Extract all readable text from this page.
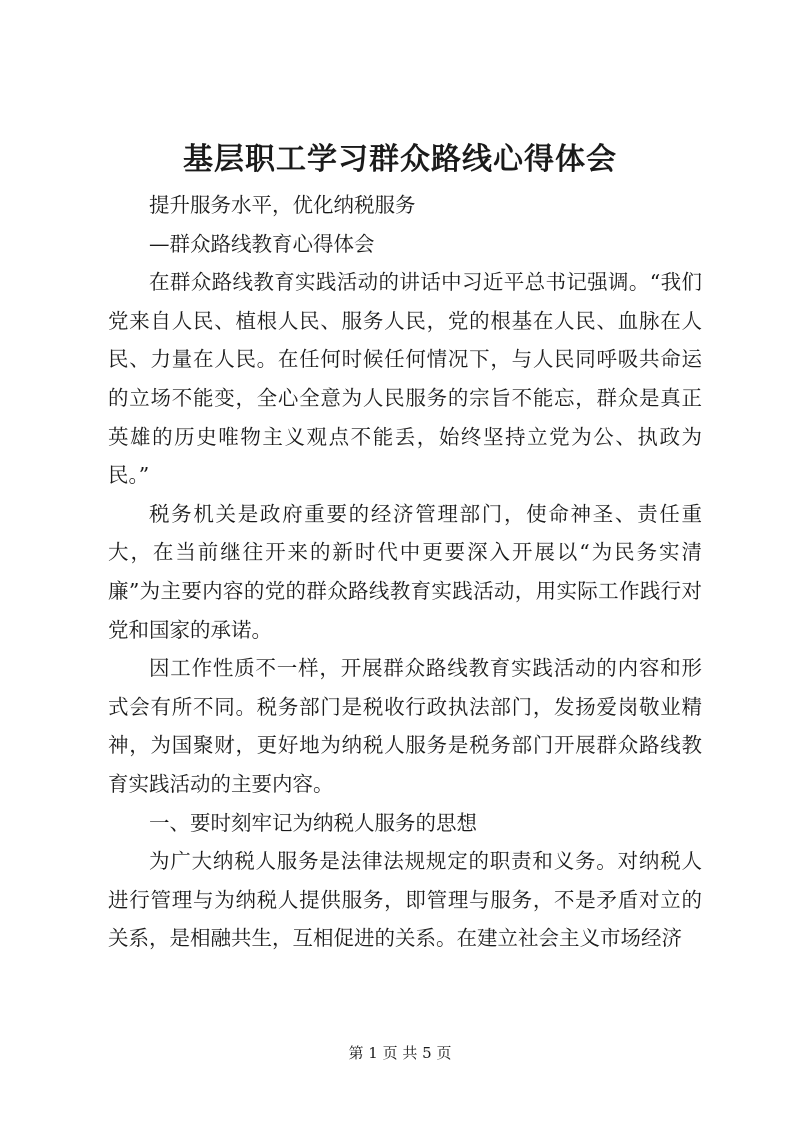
基层职工学习群众路线心得体会

提升服务水平，优化纳税服务

—群众路线教育心得体会

在群众路线教育实践活动的讲话中习近平总书记强调。“我们党来自人民、植根人民、服务人民，党的根基在人民、血脉在人民、力量在人民。在任何时候任何情况下，与人民同呼吸共命运的立场不能变，全心全意为人民服务的宗旨不能忘，群众是真正英雄的历史唯物主义观点不能丢，始终坚持立党为公、执政为民。”

税务机关是政府重要的经济管理部门，使命神圣、责任重大，在当前继往开来的新时代中更要深入开展以“为民务实清廉”为主要内容的党的群众路线教育实践活动，用实际工作践行对党和国家的承诺。

因工作性质不一样，开展群众路线教育实践活动的内容和形式会有所不同。税务部门是税收行政执法部门，发扬爱岗敬业精神，为国聚财，更好地为纳税人服务是税务部门开展群众路线教育实践活动的主要内容。

一、要时刻牢记为纳税人服务的思想

为广大纳税人服务是法律法规规定的职责和义务。对纳税人进行管理与为纳税人提供服务，即管理与服务，不是矛盾对立的关系，是相融共生，互相促进的关系。在建立社会主义市场经济

第 1 页 共 5 页
